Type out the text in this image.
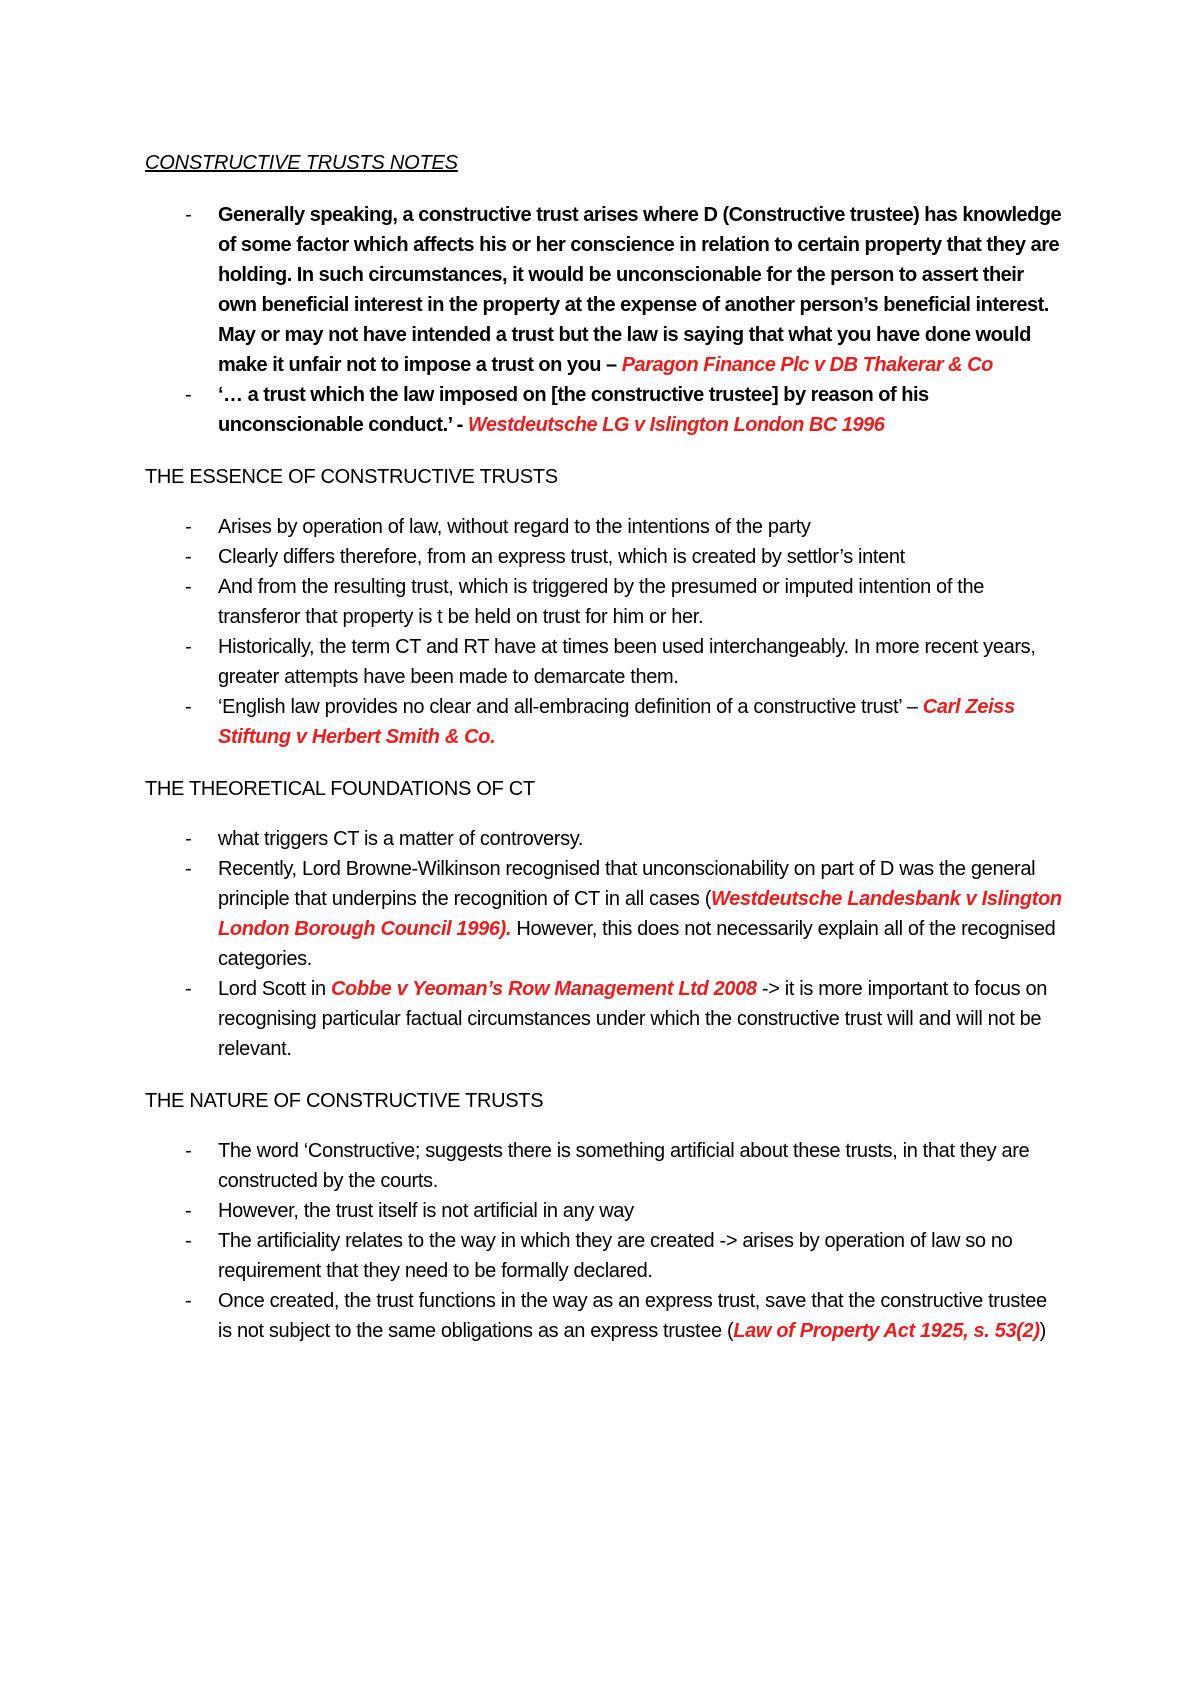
CONSTRUCTIVE TRUSTS NOTES
- Generally speaking, a constructive trust arises where D (Constructive trustee) has knowledge of some factor which affects his or her conscience in relation to certain property that they are holding. In such circumstances, it would be unconscionable for the person to assert their own beneficial interest in the property at the expense of another person’s beneficial interest. May or may not have intended a trust but the law is saying that what you have done would make it unfair not to impose a trust on you – Paragon Finance Plc v DB Thakerar & Co
- ‘… a trust which the law imposed on [the constructive trustee] by reason of his unconscionable conduct.’ - Westdeutsche LG v Islington London BC 1996
THE ESSENCE OF CONSTRUCTIVE TRUSTS
- Arises by operation of law, without regard to the intentions of the party
- Clearly differs therefore, from an express trust, which is created by settlor’s intent
- And from the resulting trust, which is triggered by the presumed or imputed intention of the transferor that property is t be held on trust for him or her.
- Historically, the term CT and RT have at times been used interchangeably. In more recent years, greater attempts have been made to demarcate them.
- ‘English law provides no clear and all-embracing definition of a constructive trust’ – Carl Zeiss Stiftung v Herbert Smith & Co.
THE THEORETICAL FOUNDATIONS OF CT
- what triggers CT is a matter of controversy.
- Recently, Lord Browne-Wilkinson recognised that unconscionability on part of D was the general principle that underpins the recognition of CT in all cases (Westdeutsche Landesbank v Islington London Borough Council 1996). However, this does not necessarily explain all of the recognised categories.
- Lord Scott in Cobbe v Yeoman’s Row Management Ltd 2008 -> it is more important to focus on recognising particular factual circumstances under which the constructive trust will and will not be relevant.
THE NATURE OF CONSTRUCTIVE TRUSTS
- The word ‘Constructive; suggests there is something artificial about these trusts, in that they are constructed by the courts.
- However, the trust itself is not artificial in any way
- The artificiality relates to the way in which they are created -> arises by operation of law so no requirement that they need to be formally declared.
- Once created, the trust functions in the way as an express trust, save that the constructive trustee is not subject to the same obligations as an express trustee (Law of Property Act 1925, s. 53(2))
